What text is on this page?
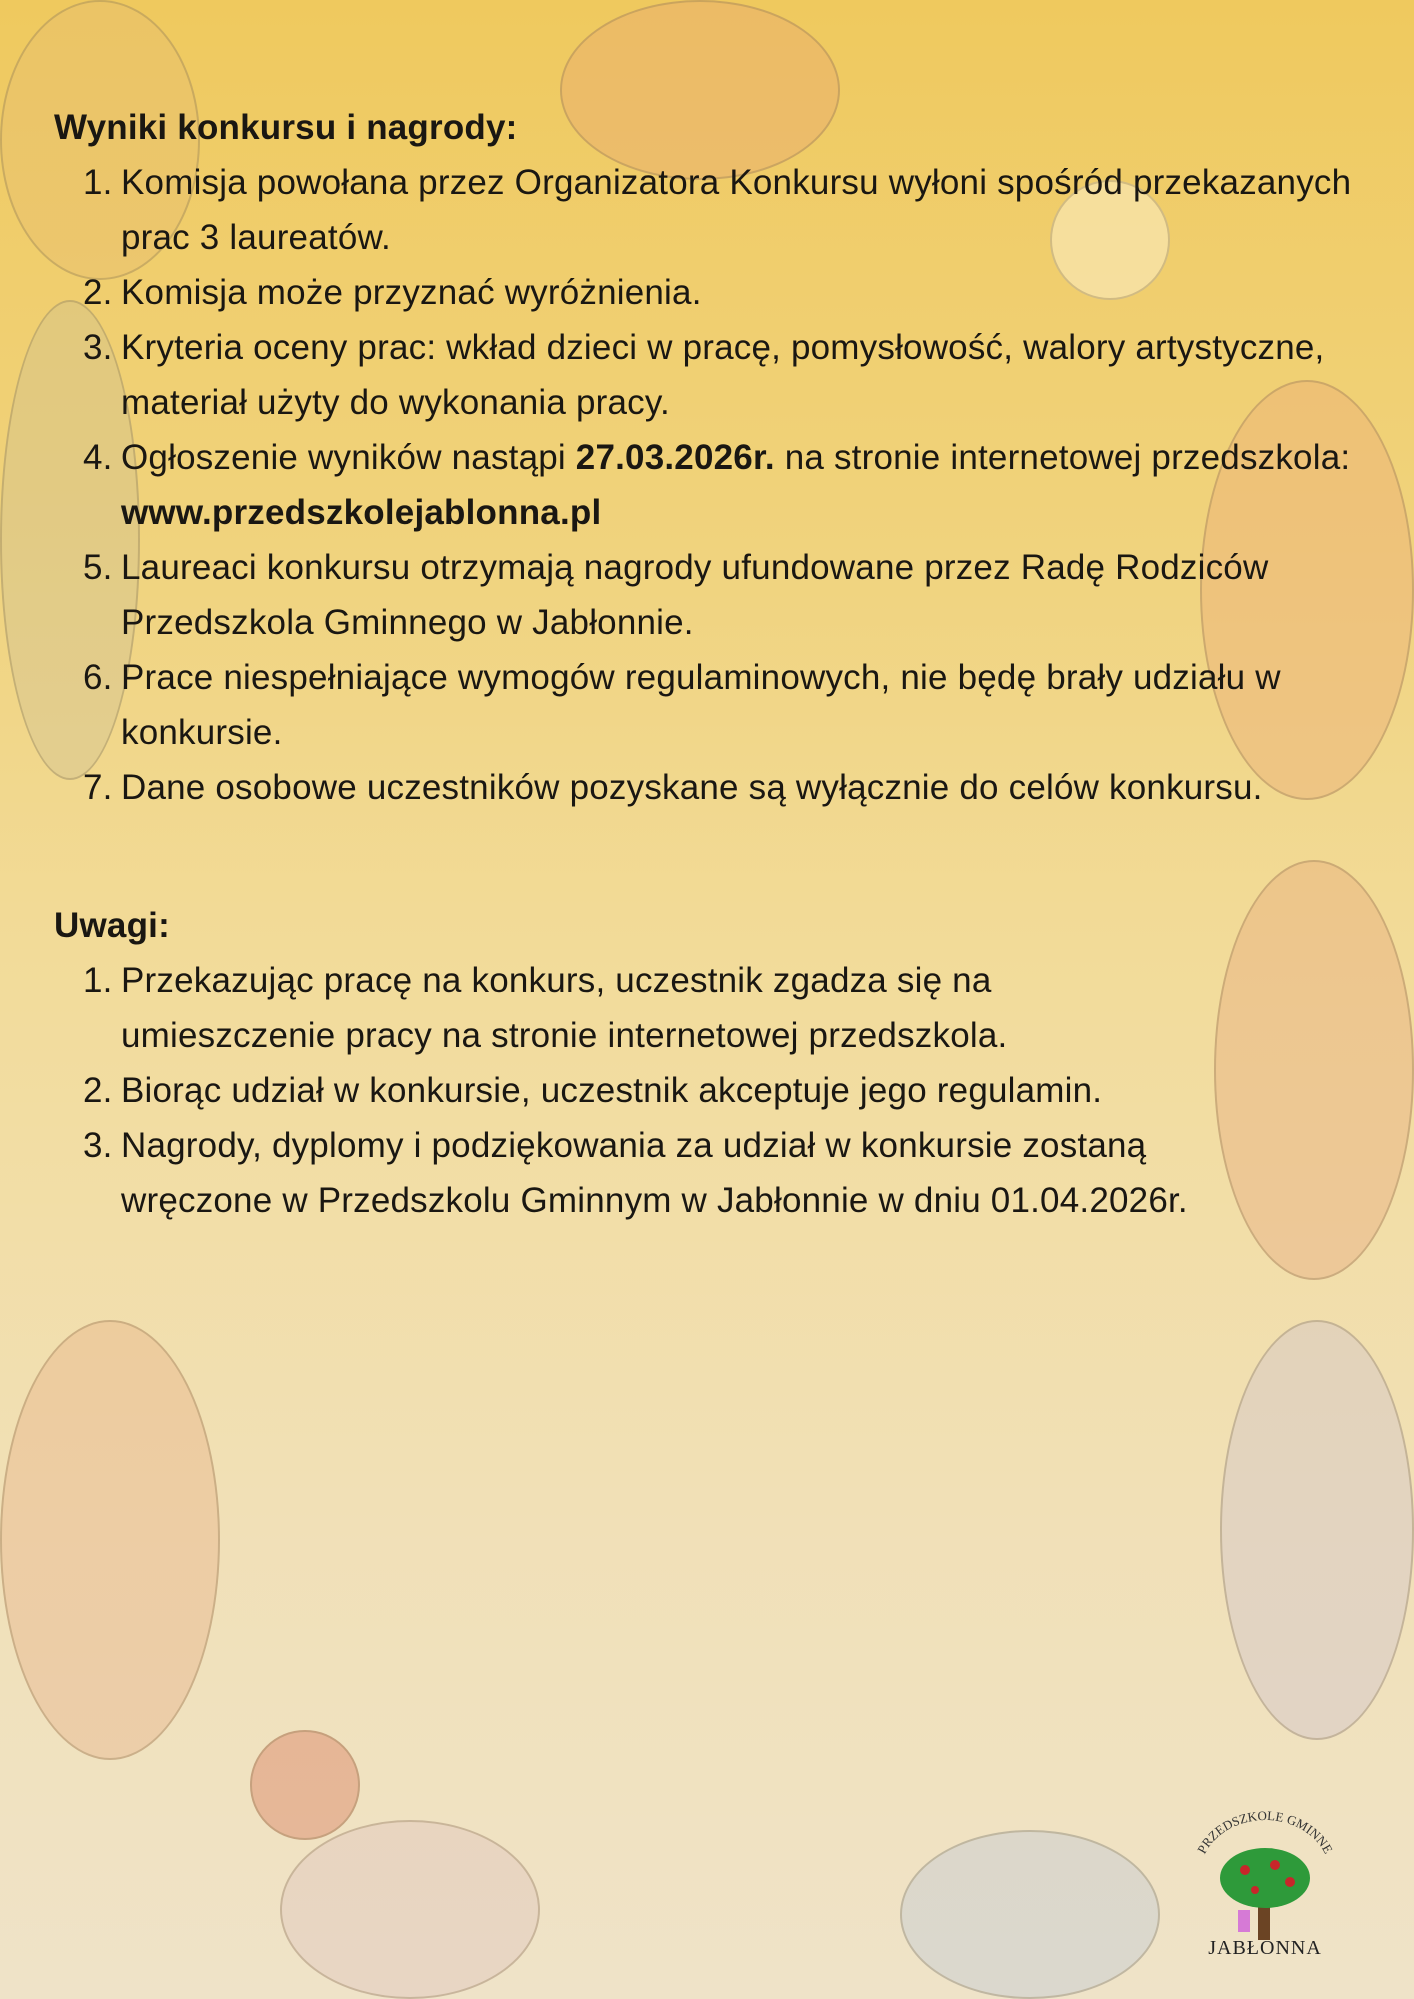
Wyniki konkursu i nagrody:
1. Komisja powołana przez Organizatora Konkursu wyłoni spośród przekazanych prac 3 laureatów.
2. Komisja może przyznać wyróżnienia.
3. Kryteria oceny prac: wkład dzieci w pracę, pomysłowość, walory artystyczne, materiał użyty do wykonania pracy.
4. Ogłoszenie wyników nastąpi 27.03.2026r. na stronie internetowej przedszkola: www.przedszkolejablonna.pl
5. Laureaci konkursu otrzymają nagrody ufundowane przez Radę Rodziców Przedszkola Gminnego w Jabłonnie.
6. Prace niespełniające wymogów regulaminowych, nie będę brały udziału w konkursie.
7. Dane osobowe uczestników pozyskane są wyłącznie do celów konkursu.
Uwagi:
1. Przekazując pracę na konkurs, uczestnik zgadza się na umieszczenie pracy na stronie internetowej przedszkola.
2. Biorąc udział w konkursie, uczestnik akceptuje jego regulamin.
3. Nagrody, dyplomy i podziękowania za udział w konkursie zostaną wręczone w Przedszkolu Gminnym w Jabłonnie w dniu 01.04.2026r.
PRZEDSZKOLE GMINNE
JABŁONNA
